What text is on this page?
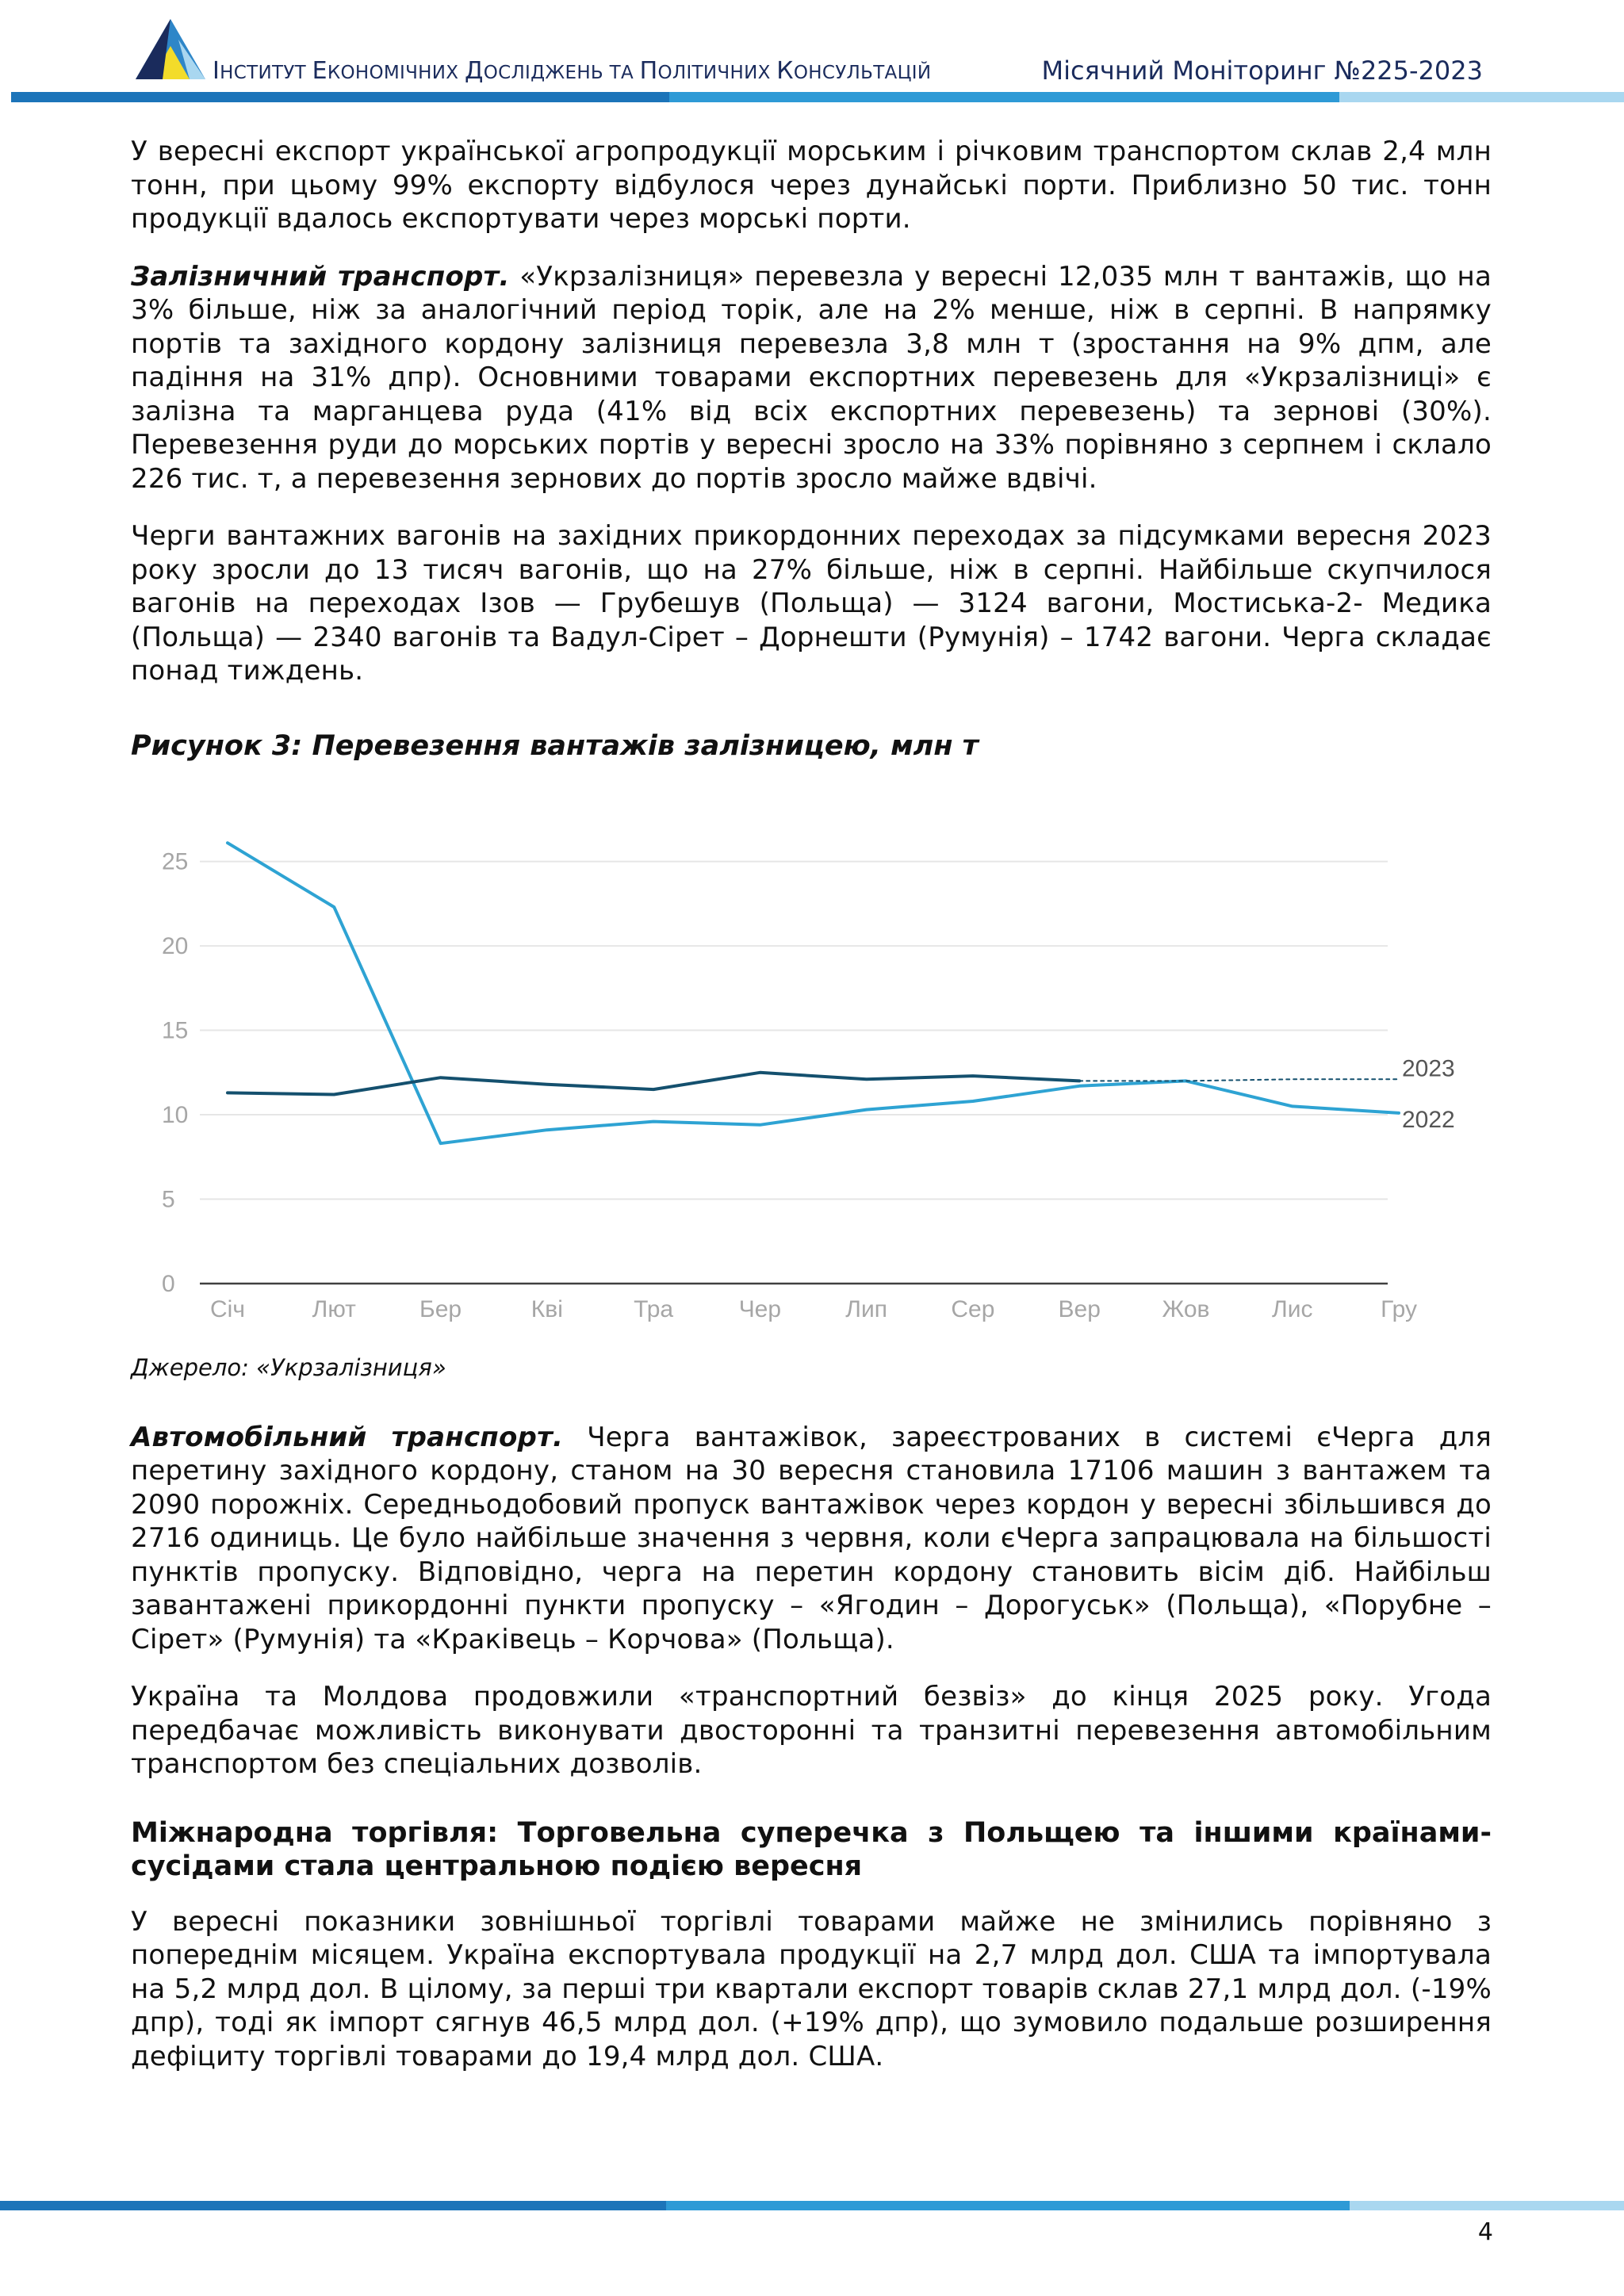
ІНСТИТУТ ЕКОНОМІЧНИХ ДОСЛІДЖЕНЬ ТА ПОЛІТИЧНИХ КОНСУЛЬТАЦІЙ	Місячний Моніторинг №225-2023

У вересні експорт української агропродукції морським і річковим транспортом склав 2,4 млн тонн, при цьому 99% експорту відбулося через дунайські порти. Приблизно 50 тис. тонн продукції вдалось експортувати через морські порти.

Залізничний транспорт. «Укрзалізниця» перевезла у вересні 12,035 млн т вантажів, що на 3% більше, ніж за аналогічний період торік, але на 2% менше, ніж в серпні. В напрямку портів та західного кордону залізниця перевезла 3,8 млн т (зростання на 9% дпм, але падіння на 31% дпр). Основними товарами експортних перевезень для «Укрзалізниці» є залізна та марганцева руда (41% від всіх експортних перевезень) та зернові (30%). Перевезення руди до морських портів у вересні зросло на 33% порівняно з серпнем і склало 226 тис. т, а перевезення зернових до портів зросло майже вдвічі.

Черги вантажних вагонів на західних прикордонних переходах за підсумками вересня 2023 року зросли до 13 тисяч вагонів, що на 27% більше, ніж в серпні. Найбільше скупчилося вагонів на переходах Ізов — Грубешув (Польща) — 3124 вагони, Мостиська-2- Медика (Польща) — 2340 вагонів та Вадул-Сірет – Дорнешти (Румунія) – 1742 вагони. Черга складає понад тиждень.

Рисунок 3: Перевезення вантажів залізницею, млн т
0
5
10
15
20
25
Січ	Лют	Бер	Кві	Тра	Чер	Лип	Сер	Вер	Жов	Лис	Гру
2023
2022
Джерело: «Укрзалізниця»

Автомобільний транспорт. Черга вантажівок, зареєстрованих в системі єЧерга для перетину західного кордону, станом на 30 вересня становила 17106 машин з вантажем та 2090 порожніх. Середньодобовий пропуск вантажівок через кордон у вересні збільшився до 2716 одиниць. Це було найбільше значення з червня, коли єЧерга запрацювала на більшості пунктів пропуску. Відповідно, черга на перетин кордону становить вісім діб. Найбільш завантажені прикордонні пункти пропуску – «Ягодин – Дорогуськ» (Польща), «Порубне – Сірет» (Румунія) та «Краківець – Корчова» (Польща).

Україна та Молдова продовжили «транспортний безвіз» до кінця 2025 року. Угода передбачає можливість виконувати двосторонні та транзитні перевезення автомобільним транспортом без спеціальних дозволів.

Міжнародна торгівля: Торговельна суперечка з Польщею та іншими країнами-сусідами стала центральною подією вересня

У вересні показники зовнішньої торгівлі товарами майже не змінились порівняно з попереднім місяцем. Україна експортувала продукції на 2,7 млрд дол. США та імпортувала на 5,2 млрд дол. В цілому, за перші три квартали експорт товарів склав 27,1 млрд дол. (-19% дпр), тоді як імпорт сягнув 46,5 млрд дол. (+19% дпр), що зумовило подальше розширення дефіциту торгівлі товарами до 19,4 млрд дол. США.

4
